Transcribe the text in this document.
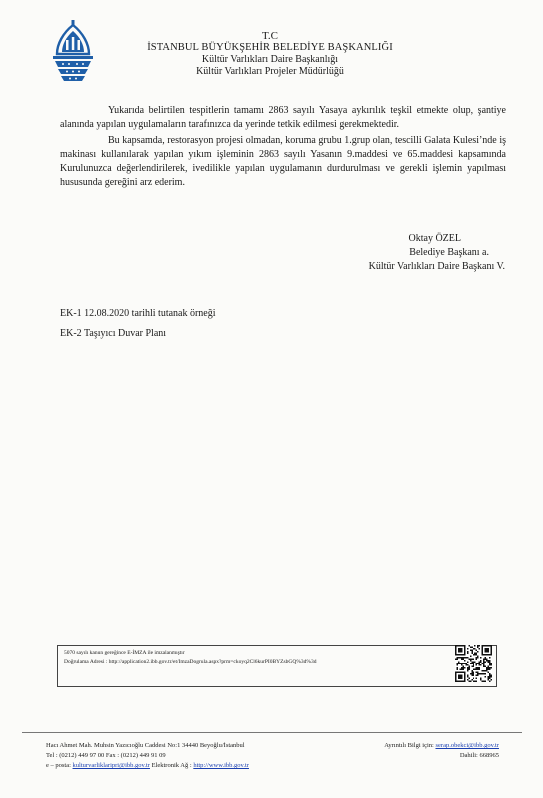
T.C
İSTANBUL BÜYÜKŞEHİR BELEDİYE BAŞKANLIĞI
Kültür Varlıkları Daire Başkanlığı
Kültür Varlıkları Projeler Müdürlüğü

Yukarıda belirtilen tespitlerin tamamı 2863 sayılı Yasaya aykırılık teşkil etmekte olup, şantiye alanında yapılan uygulamaların tarafınızca da yerinde tetkik edilmesi gerekmektedir.

Bu kapsamda, restorasyon projesi olmadan, koruma grubu 1.grup olan, tescilli Galata Kulesi’nde iş makinası kullanılarak yapılan yıkım işleminin 2863 sayılı Yasanın 9.maddesi ve 65.maddesi kapsamında Kurulunuzca değerlendirilerek, ivedilikle yapılan uygulamanın durdurulması ve gerekli işlemin yapılması hususunda gereğini arz ederim.

Oktay ÖZEL
Belediye Başkanı a.
Kültür Varlıkları Daire Başkanı V.
EK-1 12.08.2020 tarihli tutanak örneği
EK-2 Taşıyıcı Duvar Planı
5070 sayılı kanun gereğince E-İMZA ile imzalanmıştır
Doğrulama Adresi : http://application2.ibb.gov.tr/et/ImzaDogrula.aspx?prm=ckoyq2Cl6kurPI0BYZsbGQ%3d%3d
Hacı Ahmet Mah. Muhsin Yazıcıoğlu Caddesi No:1 34440 Beyoğlu/İstanbul
Tel : (0212) 449 97 00 Fax : (0212) 449 91 09
e – posta: kulturvarliklaripri@ibb.gov.tr Elektronik Ağ : http://www.ibb.gov.tr
Ayrıntılı Bilgi için: serap.obekci@ibb.gov.tr
Dahili: 668965
